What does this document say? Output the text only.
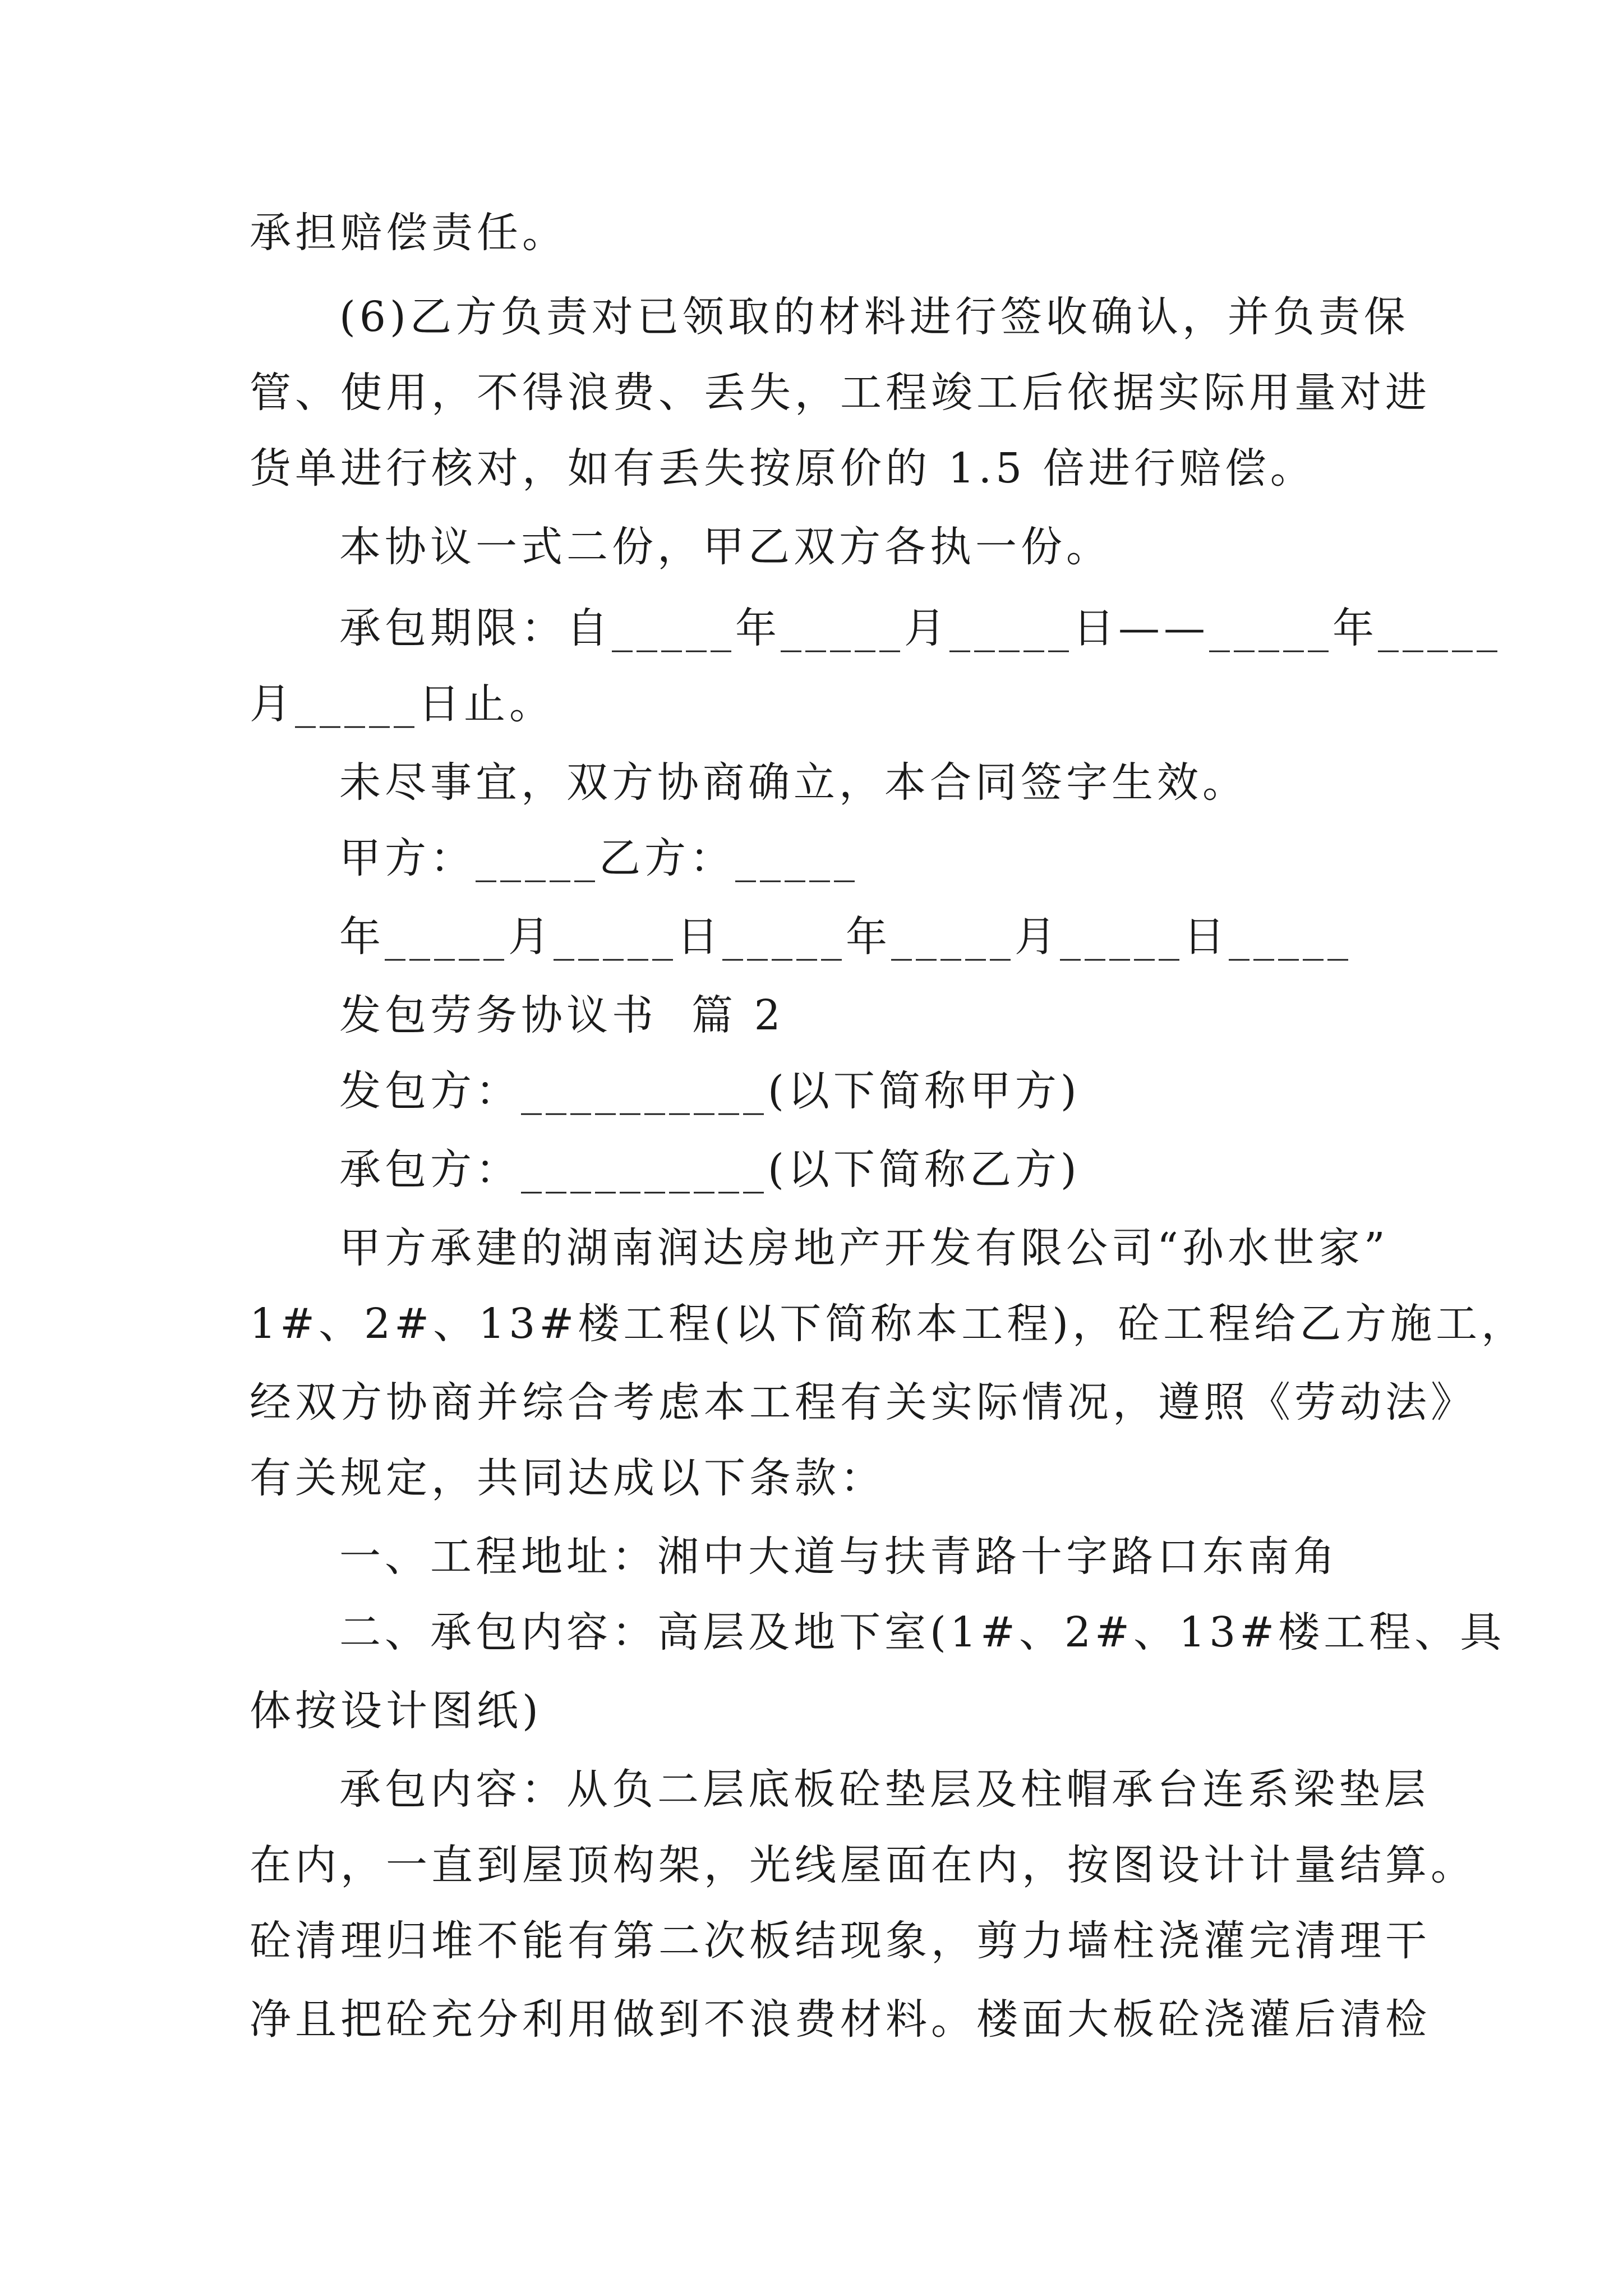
承担赔偿责任。
(6)乙方负责对已领取的材料进行签收确认，并负责保
管、使用，不得浪费、丢失，工程竣工后依据实际用量对进
货单进行核对，如有丢失按原价的 1.5 倍进行赔偿。
本协议一式二份，甲乙双方各执一份。
承包期限：自_____年_____月_____日——_____年_____
月_____日止。
未尽事宜，双方协商确立，本合同签字生效。
甲方：_____乙方：_____
年_____月_____日_____年_____月_____日_____
发包劳务协议书  篇 2
发包方：__________(以下简称甲方)
承包方：__________(以下简称乙方)
甲方承建的湖南润达房地产开发有限公司“孙水世家”
1#、2#、13#楼工程(以下简称本工程)，砼工程给乙方施工，
经双方协商并综合考虑本工程有关实际情况，遵照《劳动法》
有关规定，共同达成以下条款：
一、工程地址：湘中大道与扶青路十字路口东南角
二、承包内容：高层及地下室(1#、2#、13#楼工程、具
体按设计图纸)
承包内容：从负二层底板砼垫层及柱帽承台连系梁垫层
在内，一直到屋顶构架，光线屋面在内，按图设计计量结算。
砼清理归堆不能有第二次板结现象，剪力墙柱浇灌完清理干
净且把砼充分利用做到不浪费材料。楼面大板砼浇灌后清检
